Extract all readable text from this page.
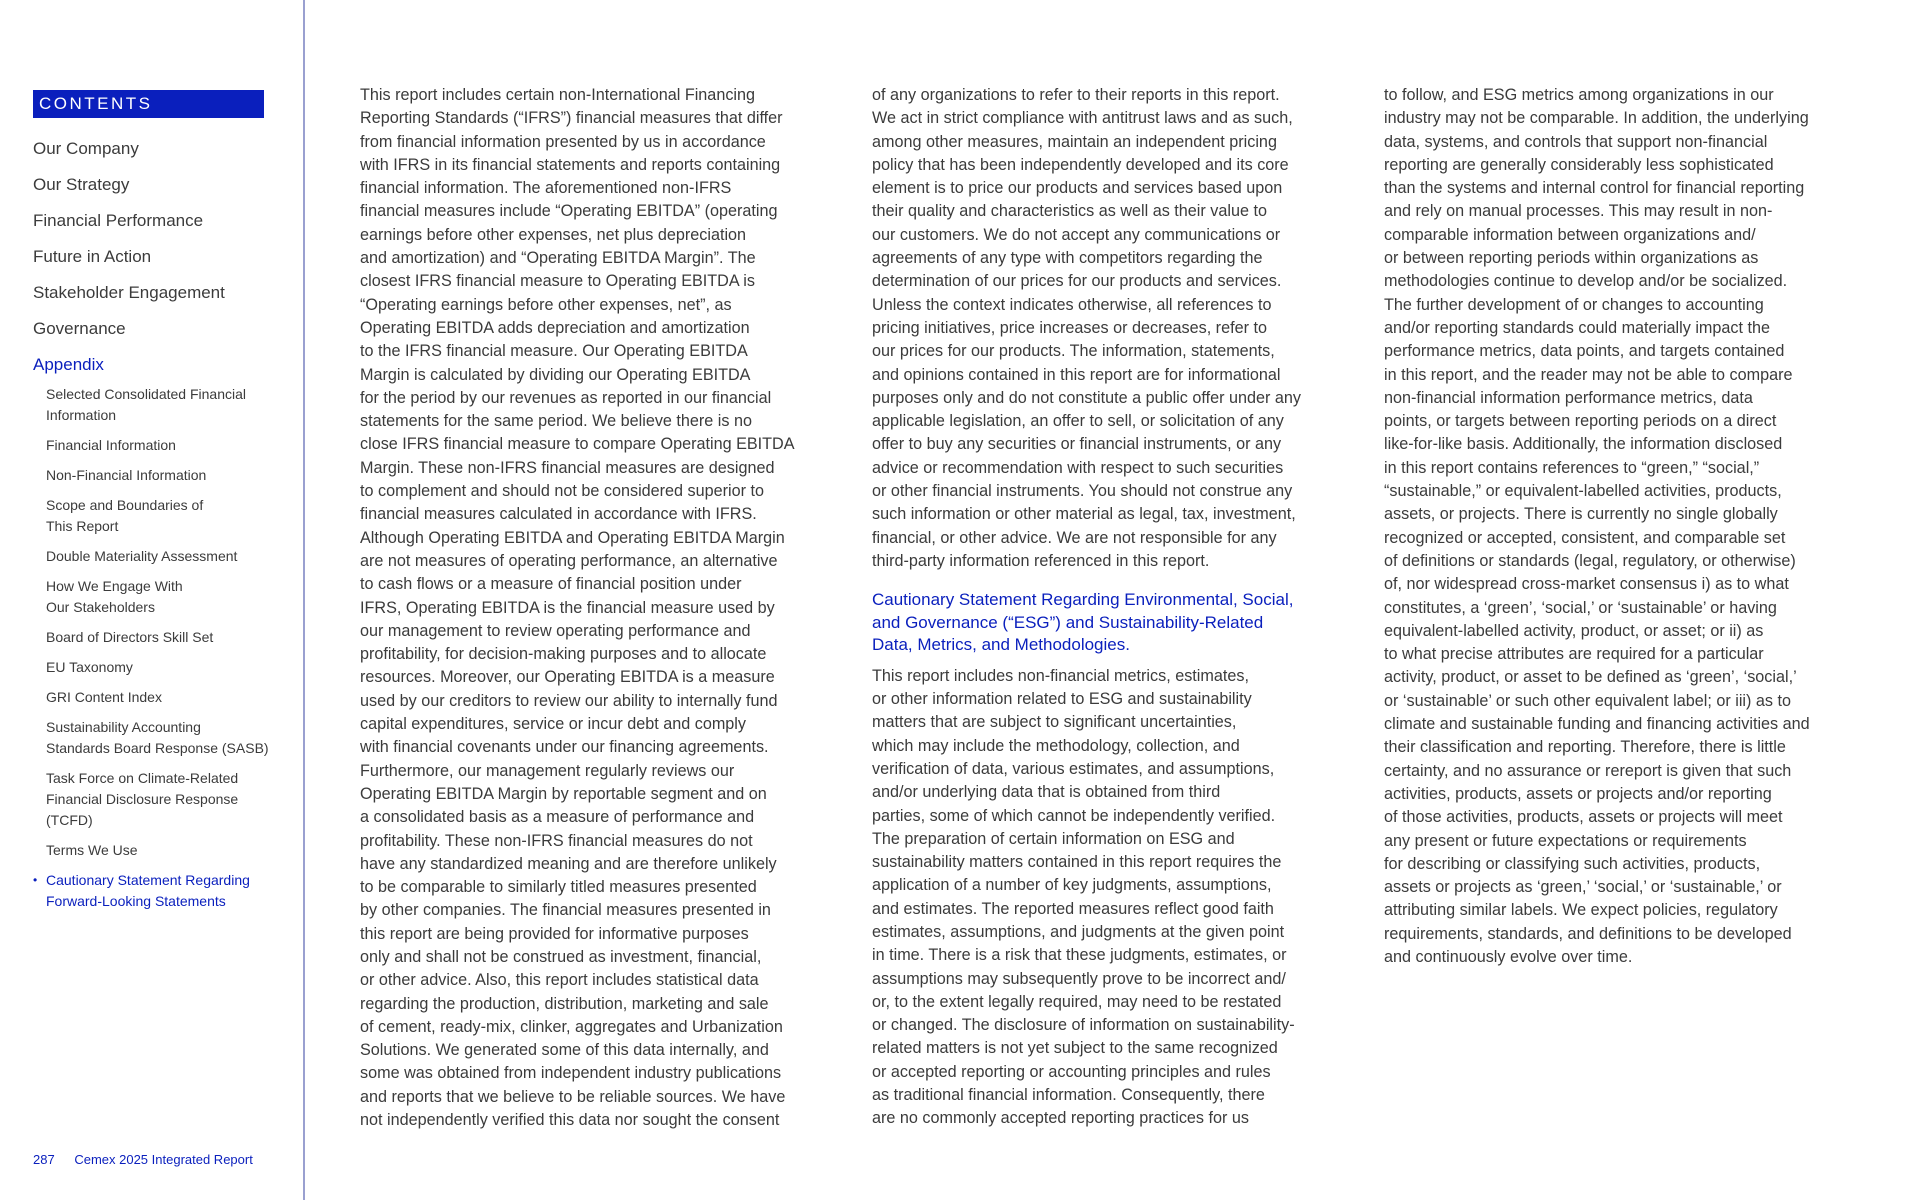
CONTENTS
Our Company
Our Strategy
Financial Performance
Future in Action
Stakeholder Engagement
Governance
Appendix
Selected Consolidated Financial
Information
Financial Information
Non-Financial Information
Scope and Boundaries of
This Report
Double Materiality Assessment
How We Engage With
Our Stakeholders
Board of Directors Skill Set
EU Taxonomy
GRI Content Index
Sustainability Accounting
Standards Board Response (SASB)
Task Force on Climate-Related
Financial Disclosure Response
(TCFD)
Terms We Use
• Cautionary Statement Regarding
Forward-Looking Statements
287 Cemex 2025 Integrated Report

This report includes certain non-International Financing
Reporting Standards (“IFRS”) financial measures that differ
from financial information presented by us in accordance
with IFRS in its financial statements and reports containing
financial information. The aforementioned non-IFRS
financial measures include “Operating EBITDA” (operating
earnings before other expenses, net plus depreciation
and amortization) and “Operating EBITDA Margin”. The
closest IFRS financial measure to Operating EBITDA is
“Operating earnings before other expenses, net”, as
Operating EBITDA adds depreciation and amortization
to the IFRS financial measure. Our Operating EBITDA
Margin is calculated by dividing our Operating EBITDA
for the period by our revenues as reported in our financial
statements for the same period. We believe there is no
close IFRS financial measure to compare Operating EBITDA
Margin. These non-IFRS financial measures are designed
to complement and should not be considered superior to
financial measures calculated in accordance with IFRS.
Although Operating EBITDA and Operating EBITDA Margin
are not measures of operating performance, an alternative
to cash flows or a measure of financial position under
IFRS, Operating EBITDA is the financial measure used by
our management to review operating performance and
profitability, for decision-making purposes and to allocate
resources. Moreover, our Operating EBITDA is a measure
used by our creditors to review our ability to internally fund
capital expenditures, service or incur debt and comply
with financial covenants under our financing agreements.
Furthermore, our management regularly reviews our
Operating EBITDA Margin by reportable segment and on
a consolidated basis as a measure of performance and
profitability. These non-IFRS financial measures do not
have any standardized meaning and are therefore unlikely
to be comparable to similarly titled measures presented
by other companies. The financial measures presented in
this report are being provided for informative purposes
only and shall not be construed as investment, financial,
or other advice. Also, this report includes statistical data
regarding the production, distribution, marketing and sale
of cement, ready-mix, clinker, aggregates and Urbanization
Solutions. We generated some of this data internally, and
some was obtained from independent industry publications
and reports that we believe to be reliable sources. We have
not independently verified this data nor sought the consent

of any organizations to refer to their reports in this report.
We act in strict compliance with antitrust laws and as such,
among other measures, maintain an independent pricing
policy that has been independently developed and its core
element is to price our products and services based upon
their quality and characteristics as well as their value to
our customers. We do not accept any communications or
agreements of any type with competitors regarding the
determination of our prices for our products and services.
Unless the context indicates otherwise, all references to
pricing initiatives, price increases or decreases, refer to
our prices for our products. The information, statements,
and opinions contained in this report are for informational
purposes only and do not constitute a public offer under any
applicable legislation, an offer to sell, or solicitation of any
offer to buy any securities or financial instruments, or any
advice or recommendation with respect to such securities
or other financial instruments. You should not construe any
such information or other material as legal, tax, investment,
financial, or other advice. We are not responsible for any
third-party information referenced in this report.

Cautionary Statement Regarding Environmental, Social,
and Governance (“ESG”) and Sustainability-Related
Data, Metrics, and Methodologies.

This report includes non-financial metrics, estimates,
or other information related to ESG and sustainability
matters that are subject to significant uncertainties,
which may include the methodology, collection, and
verification of data, various estimates, and assumptions,
and/or underlying data that is obtained from third
parties, some of which cannot be independently verified.
The preparation of certain information on ESG and
sustainability matters contained in this report requires the
application of a number of key judgments, assumptions,
and estimates. The reported measures reflect good faith
estimates, assumptions, and judgments at the given point
in time. There is a risk that these judgments, estimates, or
assumptions may subsequently prove to be incorrect and/
or, to the extent legally required, may need to be restated
or changed. The disclosure of information on sustainability-
related matters is not yet subject to the same recognized
or accepted reporting or accounting principles and rules
as traditional financial information. Consequently, there
are no commonly accepted reporting practices for us

to follow, and ESG metrics among organizations in our
industry may not be comparable. In addition, the underlying
data, systems, and controls that support non-financial
reporting are generally considerably less sophisticated
than the systems and internal control for financial reporting
and rely on manual processes. This may result in non-
comparable information between organizations and/
or between reporting periods within organizations as
methodologies continue to develop and/or be socialized.
The further development of or changes to accounting
and/or reporting standards could materially impact the
performance metrics, data points, and targets contained
in this report, and the reader may not be able to compare
non-financial information performance metrics, data
points, or targets between reporting periods on a direct
like-for-like basis. Additionally, the information disclosed
in this report contains references to “green,” “social,”
“sustainable,” or equivalent-labelled activities, products,
assets, or projects. There is currently no single globally
recognized or accepted, consistent, and comparable set
of definitions or standards (legal, regulatory, or otherwise)
of, nor widespread cross-market consensus i) as to what
constitutes, a ‘green’, ‘social,’ or ‘sustainable’ or having
equivalent-labelled activity, product, or asset; or ii) as
to what precise attributes are required for a particular
activity, product, or asset to be defined as ‘green’, ‘social,’
or ‘sustainable’ or such other equivalent label; or iii) as to
climate and sustainable funding and financing activities and
their classification and reporting. Therefore, there is little
certainty, and no assurance or rereport is given that such
activities, products, assets or projects and/or reporting
of those activities, products, assets or projects will meet
any present or future expectations or requirements
for describing or classifying such activities, products,
assets or projects as ‘green,’ ‘social,’ or ‘sustainable,’ or
attributing similar labels. We expect policies, regulatory
requirements, standards, and definitions to be developed
and continuously evolve over time.
